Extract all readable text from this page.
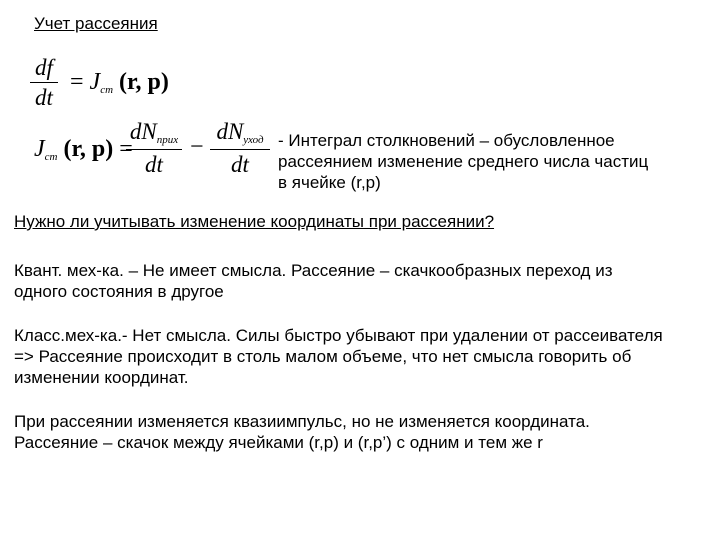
Учет рассеяния
df
dt
= $J_{ст}$ (r, p)
$J_{ст}$ (r, p) =
$dN_{прих}$
dt
−
$dN_{уход}$
dt
- Интеграл столкновений – обусловленное
рассеянием изменение среднего числа частиц
в ячейке (r,p)
Нужно ли учитывать изменение координаты при рассеянии?
Квант. мех-ка. – Не имеет смысла. Рассеяние – скачкообразных переход из
одного состояния в другое
Класс.мех-ка.- Нет смысла. Силы быстро убывают при удалении от рассеивателя
=> Рассеяние происходит в столь малом объеме, что нет смысла говорить об
изменении координат.
При рассеянии изменяется квазиимпульс, но не изменяется координата.
Рассеяние – скачок между ячейками (r,p) и (r,p’) с одним и тем же r
